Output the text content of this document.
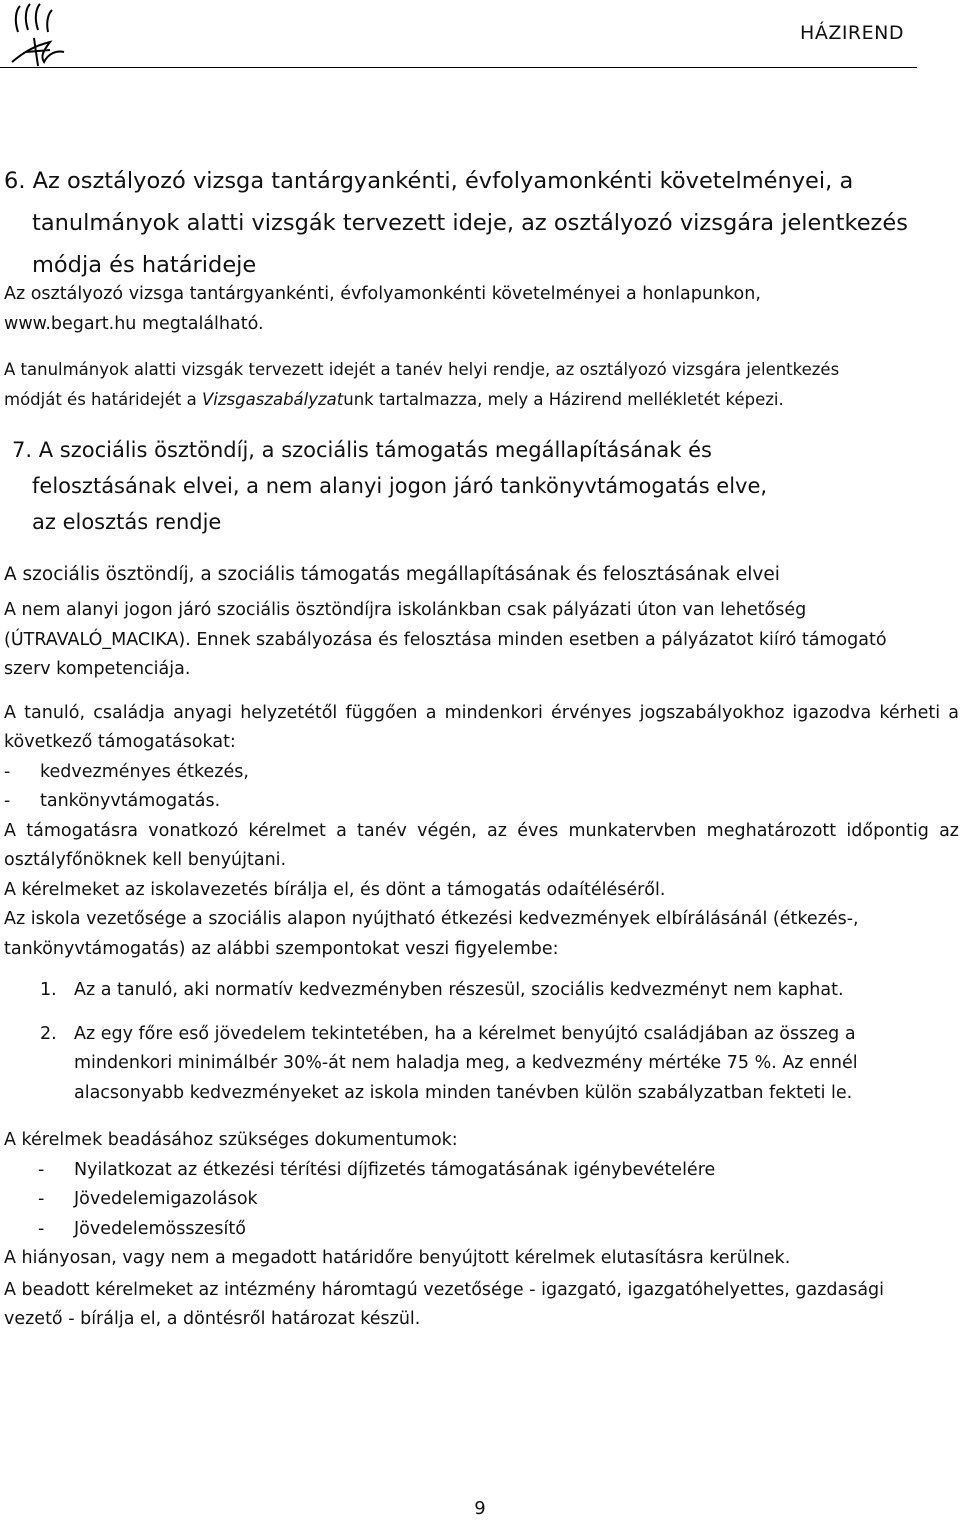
HÁZIREND
6. Az osztályozó vizsga tantárgyankénti, évfolyamonkénti követelményei, a
tanulmányok alatti vizsgák tervezett ideje, az osztályozó vizsgára jelentkezés
módja és határideje

Az osztályozó vizsga tantárgyankénti, évfolyamonkénti követelményei a honlapunkon,
www.begart.hu megtalálható.

A tanulmányok alatti vizsgák tervezett idejét a tanév helyi rendje, az osztályozó vizsgára jelentkezés
módját és határidejét a Vizsgaszabályzatunk tartalmazza, mely a Házirend mellékletét képezi.

7. A szociális ösztöndíj, a szociális támogatás megállapításának és
felosztásának elvei, a nem alanyi jogon járó tankönyvtámogatás elve,
az elosztás rendje
A szociális ösztöndíj, a szociális támogatás megállapításának és felosztásának elvei

A nem alanyi jogon járó szociális ösztöndíjra iskolánkban csak pályázati úton van lehetőség (ÚTRAVALÓ_MACIKA). Ennek szabályozása és felosztása minden esetben a pályázatot kiíró támogató szerv kompetenciája.

A tanuló, családja anyagi helyzetétől függően a mindenkori érvényes jogszabályokhoz igazodva kérheti a következő támogatásokat:

- kedvezményes étkezés,
- tankönyvtámogatás.

A támogatásra vonatkozó kérelmet a tanév végén, az éves munkatervben meghatározott időpontig az osztályfőnöknek kell benyújtani.

A kérelmeket az iskolavezetés bírálja el, és dönt a támogatás odaítéléséről.

Az iskola vezetősége a szociális alapon nyújtható étkezési kedvezmények elbírálásánál (étkezés-, tankönyvtámogatás) az alábbi szempontokat veszi figyelembe:

1. Az a tanuló, aki normatív kedvezményben részesül, szociális kedvezményt nem kaphat.
2. Az egy főre eső jövedelem tekintetében, ha a kérelmet benyújtó családjában az összeg a mindenkori minimálbér 30%-át nem haladja meg, a kedvezmény mértéke 75 %. Az ennél alacsonyabb kedvezményeket az iskola minden tanévben külön szabályzatban fekteti le.

A kérelmek beadásához szükséges dokumentumok:

- Nyilatkozat az étkezési térítési díjfizetés támogatásának igénybevételére
- Jövedelemigazolások
- Jövedelemösszesítő

A hiányosan, vagy nem a megadott határidőre benyújtott kérelmek elutasításra kerülnek.

A beadott kérelmeket az intézmény háromtagú vezetősége - igazgató, igazgatóhelyettes, gazdasági vezető - bírálja el, a döntésről határozat készül.

9
